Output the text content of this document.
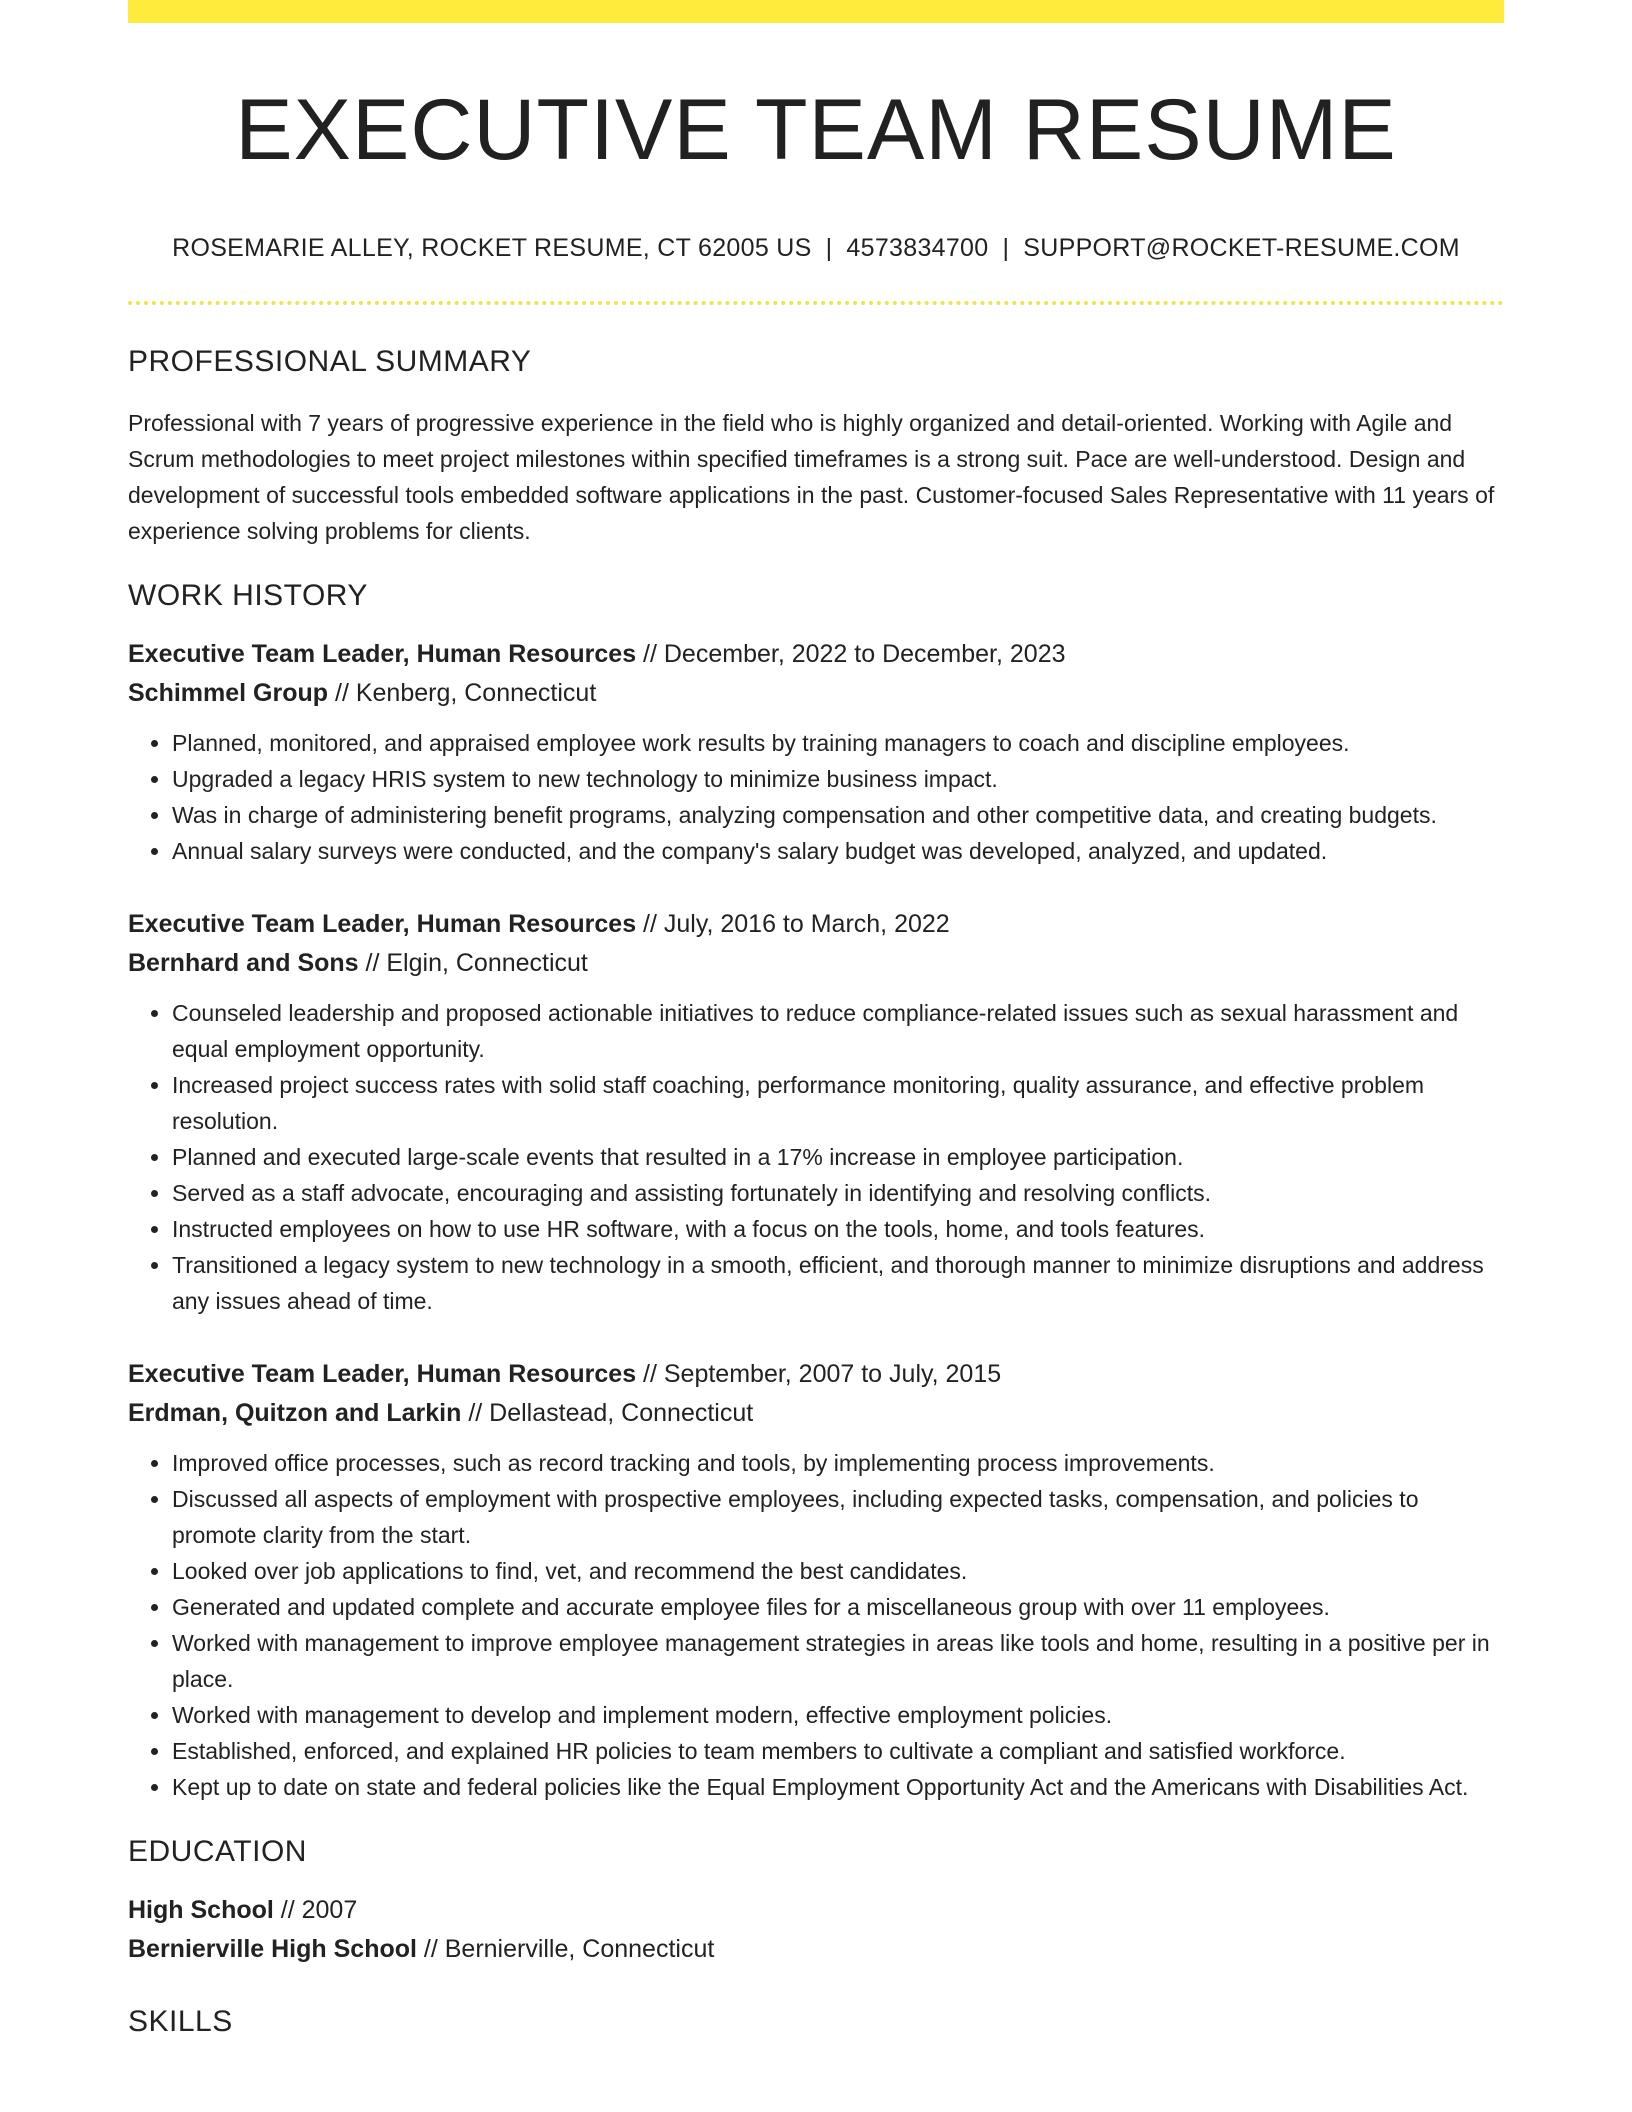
EXECUTIVE TEAM RESUME
ROSEMARIE ALLEY, ROCKET RESUME, CT 62005 US | 4573834700 | SUPPORT@ROCKET-RESUME.COM
PROFESSIONAL SUMMARY

Professional with 7 years of progressive experience in the field who is highly organized and detail-oriented. Working with Agile and Scrum methodologies to meet project milestones within specified timeframes is a strong suit. Pace are well-understood. Design and development of successful tools embedded software applications in the past. Customer-focused Sales Representative with 11 years of experience solving problems for clients.

WORK HISTORY
Executive Team Leader, Human Resources // December, 2022 to December, 2023
Schimmel Group // Kenberg, Connecticut
• Planned, monitored, and appraised employee work results by training managers to coach and discipline employees.
• Upgraded a legacy HRIS system to new technology to minimize business impact.
• Was in charge of administering benefit programs, analyzing compensation and other competitive data, and creating budgets.
• Annual salary surveys were conducted, and the company's salary budget was developed, analyzed, and updated.
Executive Team Leader, Human Resources // July, 2016 to March, 2022
Bernhard and Sons // Elgin, Connecticut
• Counseled leadership and proposed actionable initiatives to reduce compliance-related issues such as sexual harassment and equal employment opportunity.
• Increased project success rates with solid staff coaching, performance monitoring, quality assurance, and effective problem resolution.
• Planned and executed large-scale events that resulted in a 17% increase in employee participation.
• Served as a staff advocate, encouraging and assisting fortunately in identifying and resolving conflicts.
• Instructed employees on how to use HR software, with a focus on the tools, home, and tools features.
• Transitioned a legacy system to new technology in a smooth, efficient, and thorough manner to minimize disruptions and address any issues ahead of time.
Executive Team Leader, Human Resources // September, 2007 to July, 2015
Erdman, Quitzon and Larkin // Dellastead, Connecticut
• Improved office processes, such as record tracking and tools, by implementing process improvements.
• Discussed all aspects of employment with prospective employees, including expected tasks, compensation, and policies to promote clarity from the start.
• Looked over job applications to find, vet, and recommend the best candidates.
• Generated and updated complete and accurate employee files for a miscellaneous group with over 11 employees.
• Worked with management to improve employee management strategies in areas like tools and home, resulting in a positive per in place.
• Worked with management to develop and implement modern, effective employment policies.
• Established, enforced, and explained HR policies to team members to cultivate a compliant and satisfied workforce.
• Kept up to date on state and federal policies like the Equal Employment Opportunity Act and the Americans with Disabilities Act.
EDUCATION
High School // 2007
Bernierville High School // Bernierville, Connecticut
SKILLS
